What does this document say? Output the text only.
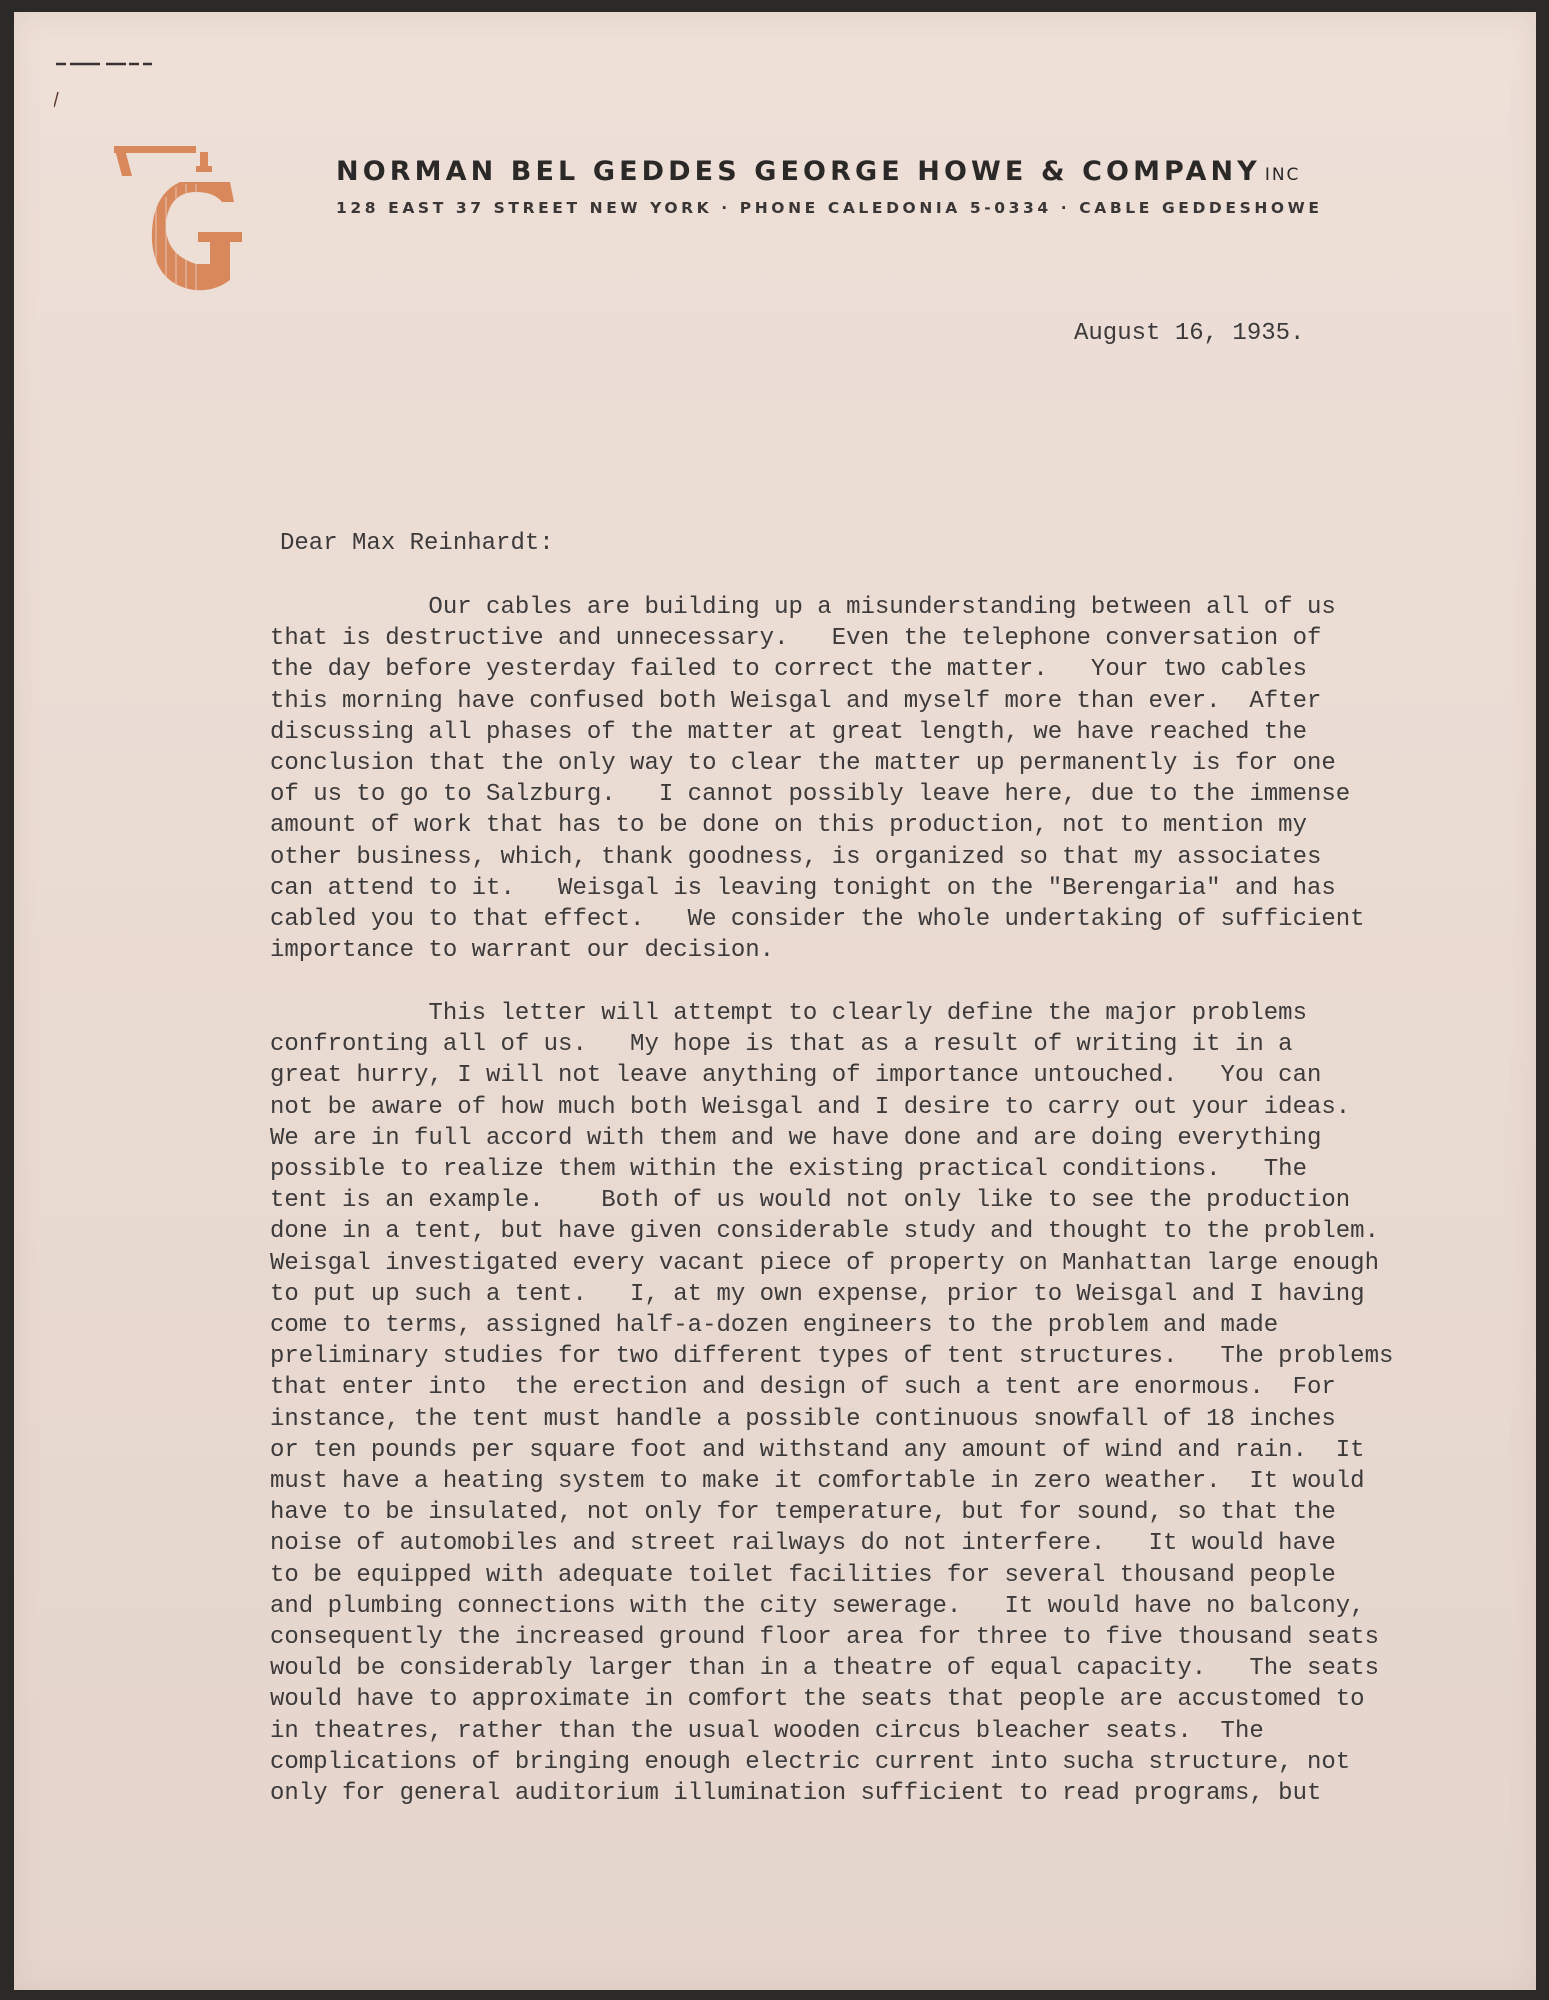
NORMAN BEL GEDDES GEORGE HOWE & COMPANY INC
128 EAST 37 STREET NEW YORK · PHONE CALEDONIA 5-0334 · CABLE GEDDESHOWE
August 16, 1935.
Dear Max Reinhardt:
Our cables are building up a misunderstanding between all of us
that is destructive and unnecessary.   Even the telephone conversation of
the day before yesterday failed to correct the matter.   Your two cables
this morning have confused both Weisgal and myself more than ever.  After
discussing all phases of the matter at great length, we have reached the
conclusion that the only way to clear the matter up permanently is for one
of us to go to Salzburg.   I cannot possibly leave here, due to the immense
amount of work that has to be done on this production, not to mention my
other business, which, thank goodness, is organized so that my associates
can attend to it.   Weisgal is leaving tonight on the "Berengaria" and has
cabled you to that effect.   We consider the whole undertaking of sufficient
importance to warrant our decision.
This letter will attempt to clearly define the major problems
confronting all of us.   My hope is that as a result of writing it in a
great hurry, I will not leave anything of importance untouched.   You can
not be aware of how much both Weisgal and I desire to carry out your ideas.
We are in full accord with them and we have done and are doing everything
possible to realize them within the existing practical conditions.   The
tent is an example.    Both of us would not only like to see the production
done in a tent, but have given considerable study and thought to the problem.
Weisgal investigated every vacant piece of property on Manhattan large enough
to put up such a tent.   I, at my own expense, prior to Weisgal and I having
come to terms, assigned half-a-dozen engineers to the problem and made
preliminary studies for two different types of tent structures.   The problems
that enter into  the erection and design of such a tent are enormous.  For
instance, the tent must handle a possible continuous snowfall of 18 inches
or ten pounds per square foot and withstand any amount of wind and rain.  It
must have a heating system to make it comfortable in zero weather.  It would
have to be insulated, not only for temperature, but for sound, so that the
noise of automobiles and street railways do not interfere.   It would have
to be equipped with adequate toilet facilities for several thousand people
and plumbing connections with the city sewerage.   It would have no balcony,
consequently the increased ground floor area for three to five thousand seats
would be considerably larger than in a theatre of equal capacity.   The seats
would have to approximate in comfort the seats that people are accustomed to
in theatres, rather than the usual wooden circus bleacher seats.  The
complications of bringing enough electric current into sucha structure, not
only for general auditorium illumination sufficient to read programs, but
